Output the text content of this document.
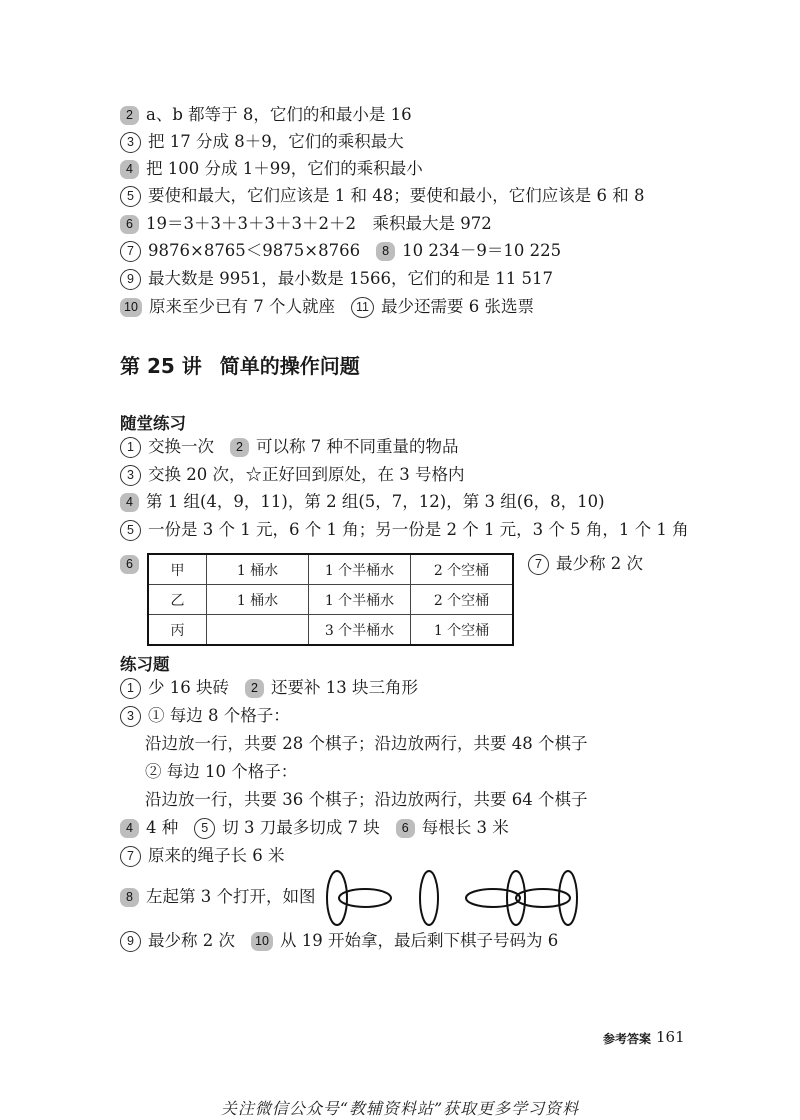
2 a、b 都等于 8，它们的和最小是 16
3 把 17 分成 8＋9，它们的乘积最大
4 把 100 分成 1＋99，它们的乘积最小
5 要使和最大，它们应该是 1 和 48；要使和最小，它们应该是 6 和 8
6 19＝3＋3＋3＋3＋3＋2＋2　乘积最大是 972
7 9876×8765＜9875×8766 8 10 234－9＝10 225
9 最大数是 9951，最小数是 1566，它们的和是 11 517
10 原来至少已有 7 个人就座 11 最少还需要 6 张选票
第 25 讲 简单的操作问题
随堂练习
1 交换一次 2 可以称 7 种不同重量的物品
3 交换 20 次，☆正好回到原处，在 3 号格内
4 第 1 组(4，9，11)，第 2 组(5，7，12)，第 3 组(6，8，10)
5 一份是 3 个 1 元，6 个 1 角；另一份是 2 个 1 元，3 个 5 角，1 个 1 角
6	甲	1 桶水	1 个半桶水	2 个空桶
乙	1 桶水	1 个半桶水	2 个空桶
丙		3 个半桶水	1 个空桶
7 最少称 2 次
练习题
1 少 16 块砖 2 还要补 13 块三角形
3 ① 每边 8 个格子：
沿边放一行，共要 28 个棋子；沿边放两行，共要 48 个棋子
② 每边 10 个格子：
沿边放一行，共要 36 个棋子；沿边放两行，共要 64 个棋子
4 4 种 5 切 3 刀最多切成 7 块 6 每根长 3 米
7 原来的绳子长 6 米
8 左起第 3 个打开，如图
9 最少称 2 次 10 从 19 开始拿，最后剩下棋子号码为 6
参考答案 161
关注微信公众号“教辅资料站”获取更多学习资料
